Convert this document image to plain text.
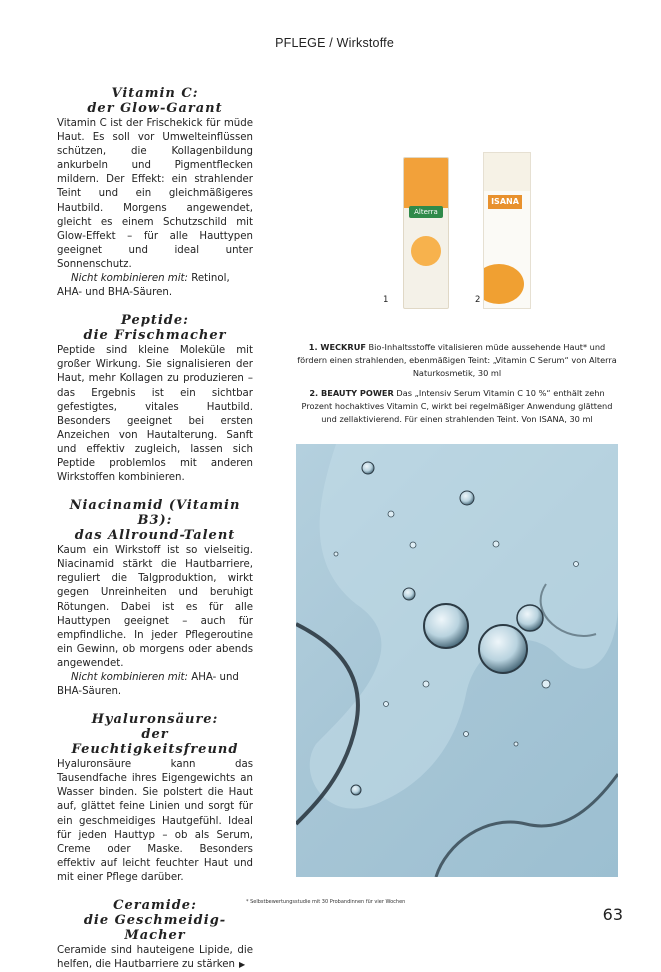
PFLEGE / Wirkstoffe
Vitamin C:
der Glow-Garant

Vitamin C ist der Frischekick für müde Haut. Es soll vor Umwelteinflüssen schützen, die Kollagenbildung ankurbeln und Pigmentflecken mildern. Der Effekt: ein strahlender Teint und ein gleichmäßigeres Hautbild. Morgens angewendet, gleicht es einem Schutzschild mit Glow-Effekt – für alle Hauttypen geeignet und ideal unter Sonnenschutz.

Nicht kombinieren mit: Retinol, AHA- und BHA-Säuren.

Peptide:
die Frischmacher

Peptide sind kleine Moleküle mit großer Wirkung. Sie signalisieren der Haut, mehr Kollagen zu produzieren – das Ergebnis ist ein sichtbar gefestigtes, vitales Hautbild. Besonders geeignet bei ersten Anzeichen von Hautalterung. Sanft und effektiv zugleich, lassen sich Peptide problemlos mit anderen Wirkstoffen kombinieren.

Niacinamid (Vitamin B3):
das Allround-Talent

Kaum ein Wirkstoff ist so vielseitig. Niacinamid stärkt die Hautbarriere, reguliert die Talgproduktion, wirkt gegen Unreinheiten und beruhigt Rötungen. Dabei ist es für alle Hauttypen geeignet – auch für empfindliche. In jeder Pflegeroutine ein Gewinn, ob morgens oder abends angewendet.

Nicht kombinieren mit: AHA- und BHA-Säuren.

Hyaluronsäure:
der Feuchtigkeitsfreund

Hyaluronsäure kann das Tausendfache ihres Eigengewichts an Wasser binden. Sie polstert die Haut auf, glättet feine Linien und sorgt für ein geschmeidiges Hautgefühl. Ideal für jeden Hauttyp – ob als Serum, Creme oder Maske. Besonders effektiv auf leicht feuchter Haut und mit einer Pflege darüber.

Ceramide:
die Geschmeidig-Macher

Ceramide sind hauteigene Lipide, die helfen, die Hautbarriere zu stärken ▶

Alterra
ISANA
1	2

1. WECKRUF Bio-Inhaltsstoffe vitalisieren müde aussehende Haut* und fördern einen strahlenden, ebenmäßigen Teint: „Vitamin C Serum“ von Alterra Naturkosmetik, 30 ml

2. BEAUTY POWER Das „Intensiv Serum Vitamin C 10 %“ enthält zehn Prozent hochaktives Vitamin C, wirkt bei regelmäßiger Anwendung glättend und zellaktivierend. Für einen strahlenden Teint. Von ISANA, 30 ml

* Selbstbewertungsstudie mit 30 Probandinnen für vier Wochen
63
